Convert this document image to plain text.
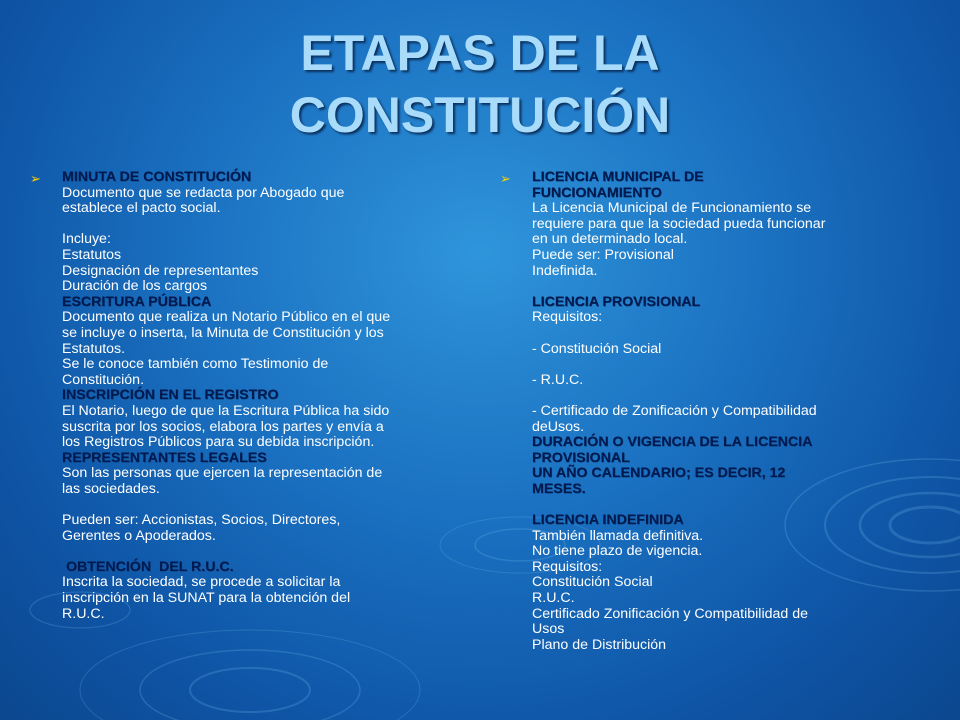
ETAPAS DE LA
CONSTITUCIÓN
➢ MINUTA DE CONSTITUCIÓN
Documento que se redacta por Abogado que
establece el pacto social.
Incluye:
Estatutos
Designación de representantes
Duración de los cargos
ESCRITURA PÚBLICA
Documento que realiza un Notario Público en el que
se incluye o inserta, la Minuta de Constitución y los
Estatutos.
Se le conoce también como Testimonio de
Constitución.
INSCRIPCIÓN EN EL REGISTRO
El Notario, luego de que la Escritura Pública ha sido
suscrita por los socios, elabora los partes y envía a
los Registros Públicos para su debida inscripción.
REPRESENTANTES LEGALES
Son las personas que ejercen la representación de
las sociedades.
Pueden ser: Accionistas, Socios, Directores,
Gerentes o Apoderados.
OBTENCIÓN  DEL R.U.C.
Inscrita la sociedad, se procede a solicitar la
inscripción en la SUNAT para la obtención del
R.U.C.
➢ LICENCIA MUNICIPAL DE
FUNCIONAMIENTO
La Licencia Municipal de Funcionamiento se
requiere para que la sociedad pueda funcionar
en un determinado local.
Puede ser: Provisional
Indefinida.
LICENCIA PROVISIONAL
Requisitos:
- Constitución Social
- R.U.C.
- Certificado de Zonificación y Compatibilidad
deUsos.
DURACIÓN O VIGENCIA DE LA LICENCIA
PROVISIONAL
UN AÑO CALENDARIO; ES DECIR, 12
MESES.
LICENCIA INDEFINIDA
También llamada definitiva.
No tiene plazo de vigencia.
Requisitos:
Constitución Social
R.U.C.
Certificado Zonificación y Compatibilidad de
Usos
Plano de Distribución
